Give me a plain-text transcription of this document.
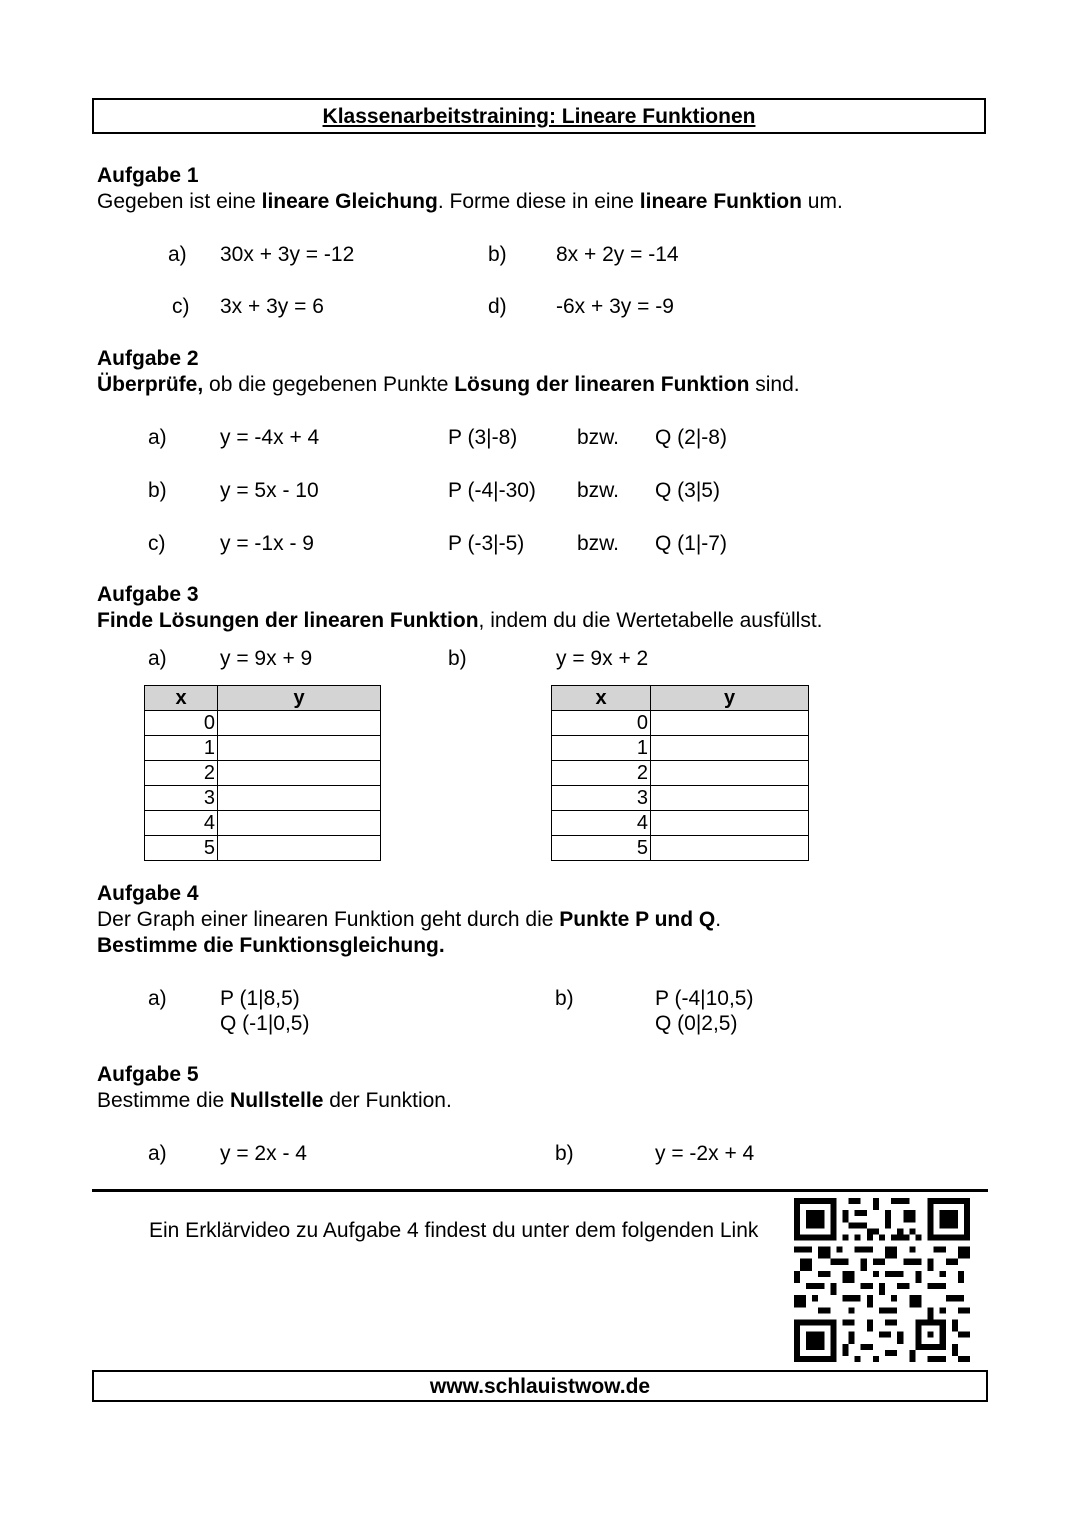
Klassenarbeitstraining: Lineare Funktionen
Aufgabe 1
Gegeben ist eine lineare Gleichung. Forme diese in eine lineare Funktion um.
a) 30x + 3y = -12	b) 8x + 2y = -14
c) 3x + 3y = 6	d) -6x + 3y = -9
Aufgabe 2
Überprüfe, ob die gegebenen Punkte Lösung der linearen Funktion sind.
a)	y = -4x + 4	P (3|-8)	bzw. Q (2|-8)
b)	y = 5x - 10	P (-4|-30) bzw. Q (3|5)
c)	y = -1x - 9	P (-3|-5)	bzw. Q (1|-7)
Aufgabe 3
Finde Lösungen der linearen Funktion, indem du die Wertetabelle ausfüllst.
a)	y = 9x + 9	b)	y = 9x + 2
x	y
0	
1	
2	
3	
4	
5	
x	y
0	
1	
2	
3	
4	
5	
Aufgabe 4
Der Graph einer linearen Funktion geht durch die Punkte P und Q.
Bestimme die Funktionsgleichung.
a)	P (1|8,5)
Q (-1|0,5)
b)	P (-4|10,5)
Q (0|2,5)
Aufgabe 5
Bestimme die Nullstelle der Funktion.
a)	y = 2x - 4	b)	y = -2x + 4
Ein Erklärvideo zu Aufgabe 4 findest du unter dem folgenden Link
www.schlauistwow.de
